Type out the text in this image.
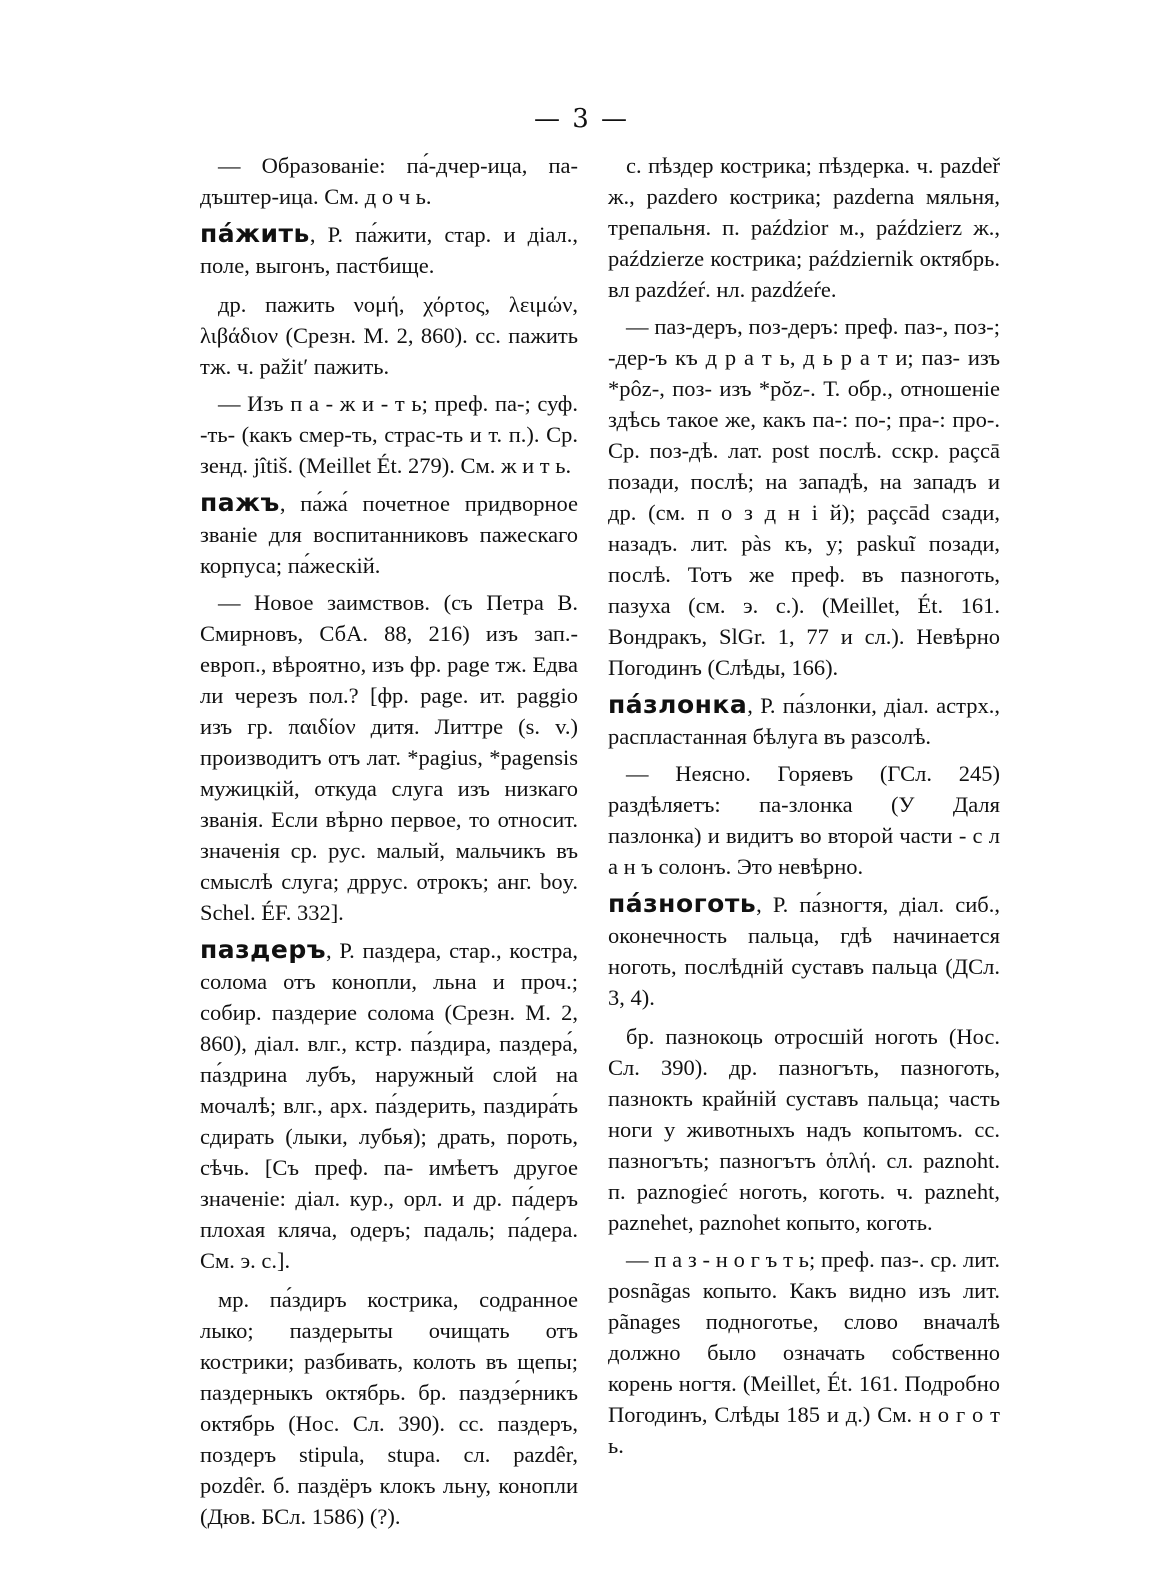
— 3 —

— Образованіе: па́-дчер-ица, па-дъштер-ица. См. д о ч ь.

па́жить, Р. па́жити, стар. и діал., поле, выгонъ, пастбище.

др. пажить νομή, χόρτος, λειμών, λιβάδιον (Срезн. М. 2, 860). сс. пажить тж. ч. pažit′ пажить.

— Изъ п а - ж и - т ь; преф. па-; суф. -ть- (какъ смер-ть, страс-ть и т. п.). Ср. зенд. jîtiš. (Meillet Ét. 279). См. ж и т ь.

пажъ, па́жа́ почетное придворное званіе для воспитанниковъ пажескаго корпуса; па́жескій.

— Новое заимствов. (съ Петра В. Смирновъ, СбА. 88, 216) изъ зап.-европ., вѣроятно, изъ фр. page тж. Едва ли черезъ пол.? [фр. page. ит. paggio изъ гр. παιδίον дитя. Литтре (s. v.) производитъ отъ лат. *pagius, *pagensis мужицкій, откуда слуга изъ низкаго званія. Если вѣрно первое, то относит. значенія ср. рус. малый, мальчикъ въ смыслѣ слуга; дррус. отрокъ; анг. boy. Schel. ÉF. 332].

паздеръ, Р. паздера, стар., костра, солома отъ конопли, льна и проч.; собир. паздерие солома (Срезн. М. 2, 860), діал. влг., кстр. па́здира, паздера́, па́здрина лубъ, наружный слой на мочалѣ; влг., арх. па́здерить, паздира́ть сдирать (лыки, лубья); драть, пороть, сѣчь. [Съ преф. па- имѣетъ другое значеніе: діал. кур., орл. и др. па́деръ плохая кляча, одеръ; падаль; па́дера. См. э. с.].

мр. па́здиръ кострика, содранное лыко; паздерыты очищать отъ кострики; разбивать, колоть въ щепы; паздерныкъ октябрь. бр. паздзе́рникъ октябрь (Нос. Сл. 390). сс. паздеръ, поздеръ stipula, stupa. сл. pazdêr, pozdêr. б. паздёръ клокъ льну, конопли (Дюв. БСл. 1586) (?).

с. пѣздер кострика; пѣздерка. ч. pazdeř ж., pazdero кострика; pazderna мяльня, трепальня. п. paździor м., paździerz ж., paździerze кострика; październik октябрь. вл pazdźeŕ. нл. pazdźeŕe.

— паз-деръ, поз-деръ: преф. паз-, поз-; -дер-ъ къ д р а т ь, д ь р а т и; паз- изъ *pôz-, поз- изъ *pŏz-. Т. обр., отношеніе здѣсь такое же, какъ па-: по-; пра-: про-. Ср. поз-дѣ. лат. post послѣ. сскр. paçcā позади, послѣ; на западѣ, на западъ и др. (см. п о з д н і й); paçcād сзади, назадъ. лит. pàs къ, у; paskuĩ позади, послѣ. Тотъ же преф. въ пазноготь, пазуха (см. э. с.). (Meillet, Ét. 161. Вондракъ, SlGr. 1, 77 и сл.). Невѣрно Погодинъ (Слѣды, 166).

па́злонка, Р. па́злонки, діал. астрх., распластанная бѣлуга въ разсолѣ.

— Неясно. Горяевъ (ГСл. 245) раздѣляетъ: па-злонка (У Даля пазлонка) и видитъ во второй части - с л а н ъ солонъ. Это невѣрно.

па́зноготь, Р. па́зногтя, діал. сиб., оконечность пальца, гдѣ начинается ноготь, послѣдній суставъ пальца (ДСл. 3, 4).

бр. пазнокоць отросшій ноготь (Нос. Сл. 390). др. пазногъть, пазноготь, пазнокть крайній суставъ пальца; часть ноги у животныхъ надъ копытомъ. сс. пазногъть; пазногътъ ὁπλή. сл. paznoht. п. paznogieć ноготь, коготь. ч. pazneht, paznehet, paznohet копыто, коготь.

— п а з - н о г ъ т ь; преф. паз-. ср. лит. posnãgas копыто. Какъ видно изъ лит. pãnages подноготье, слово вначалѣ должно было означать собственно корень ногтя. (Meillet, Ét. 161. Подробно Погодинъ, Слѣды 185 и д.) См. н о г о т ь.
